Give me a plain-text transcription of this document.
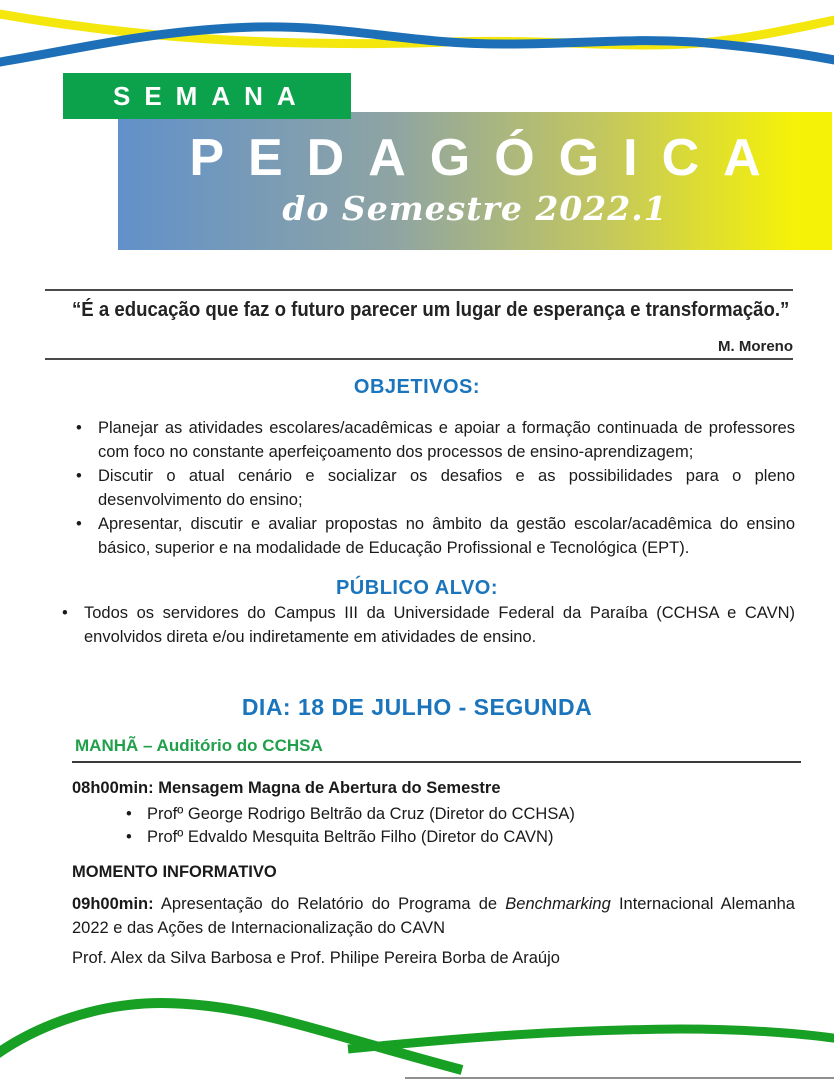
SEMANA
PEDAGÓGICA
do Semestre 2022.1
“É a educação que faz o futuro parecer um lugar de esperança e transformação.”
M. Moreno
OBJETIVOS:
• Planejar as atividades escolares/acadêmicas e apoiar a formação continuada de professores com foco no constante aperfeiçoamento dos processos de ensino-aprendizagem;
• Discutir o atual cenário e socializar os desafios e as possibilidades para o pleno desenvolvimento do ensino;
• Apresentar, discutir e avaliar propostas no âmbito da gestão escolar/acadêmica do ensino básico, superior e na modalidade de Educação Profissional e Tecnológica (EPT).
PÚBLICO ALVO:
• Todos os servidores do Campus III da Universidade Federal da Paraíba (CCHSA e CAVN) envolvidos direta e/ou indiretamente em atividades de ensino.
DIA: 18 DE JULHO - SEGUNDA
MANHÃ – Auditório do CCHSA
08h00min: Mensagem Magna de Abertura do Semestre
• Profº George Rodrigo Beltrão da Cruz (Diretor do CCHSA)
• Profº Edvaldo Mesquita Beltrão Filho (Diretor do CAVN)
MOMENTO INFORMATIVO
09h00min: Apresentação do Relatório do Programa de Benchmarking Internacional Alemanha 2022 e das Ações de Internacionalização do CAVN
Prof. Alex da Silva Barbosa e Prof. Philipe Pereira Borba de Araújo
